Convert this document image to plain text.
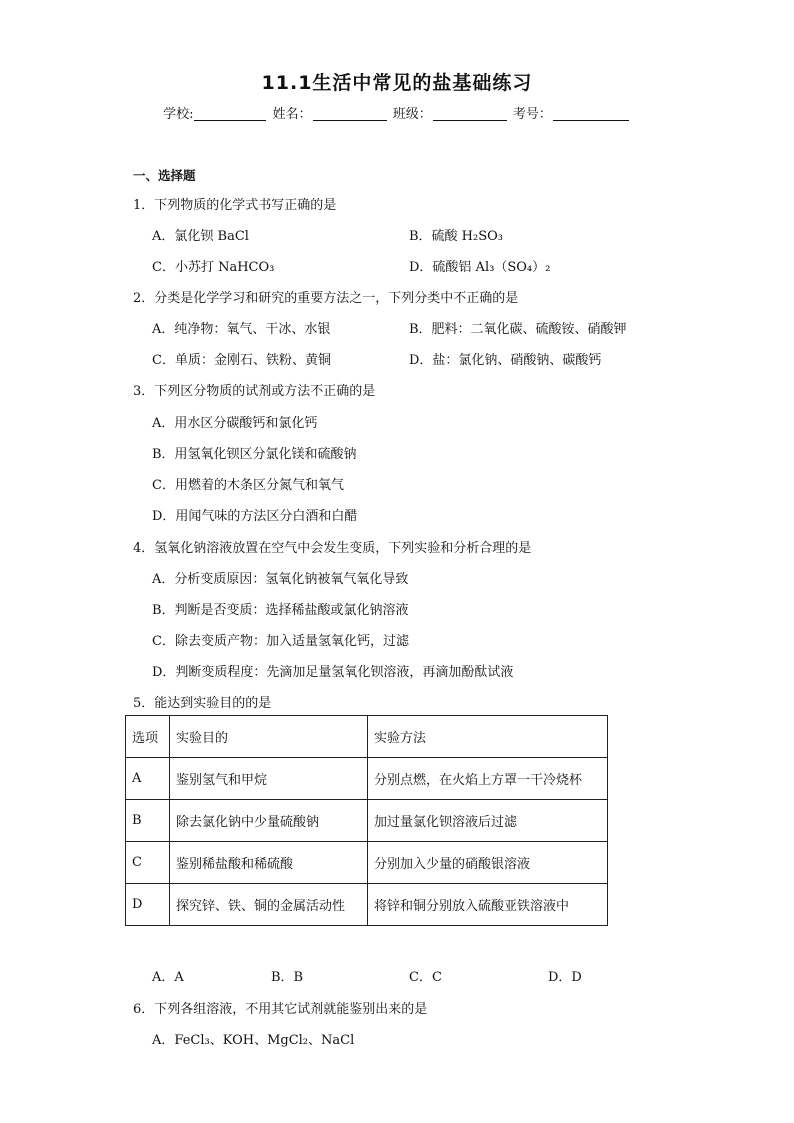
11.1生活中常见的盐基础练习
学校:	姓名：	班级：	考号：
一、选择题
1．下列物质的化学式书写正确的是
A．氯化钡 BaCl	B．硫酸 H₂SO₃
C．小苏打 NaHCO₃	D．硫酸铝 Al₃（SO₄）₂
2．分类是化学学习和研究的重要方法之一，下列分类中不正确的是
A．纯净物：氧气、干冰、水银	B．肥料：二氧化碳、硫酸铵、硝酸钾
C．单质：金刚石、铁粉、黄铜	D．盐：氯化钠、硝酸钠、碳酸钙
3．下列区分物质的试剂或方法不正确的是
A．用水区分碳酸钙和氯化钙
B．用氢氧化钡区分氯化镁和硫酸钠
C．用燃着的木条区分氮气和氧气
D．用闻气味的方法区分白酒和白醋
4．氢氧化钠溶液放置在空气中会发生变质，下列实验和分析合理的是
A．分析变质原因：氢氧化钠被氧气氧化导致
B．判断是否变质：选择稀盐酸或氯化钠溶液
C．除去变质产物：加入适量氢氧化钙，过滤
D．判断变质程度：先滴加足量氢氧化钡溶液，再滴加酚酞试液
5．能达到实验目的的是
选项	实验目的	实验方法
A	鉴别氢气和甲烷	分别点燃，在火焰上方罩一干冷烧杯
B	除去氯化钠中少量硫酸钠	加过量氯化钡溶液后过滤
C	鉴别稀盐酸和稀硫酸	分别加入少量的硝酸银溶液
D	探究锌、铁、铜的金属活动性	将锌和铜分别放入硫酸亚铁溶液中
A．A	B．B	C．C	D．D
6．下列各组溶液，不用其它试剂就能鉴别出来的是
A．FeCl₃、KOH、MgCl₂、NaCl
